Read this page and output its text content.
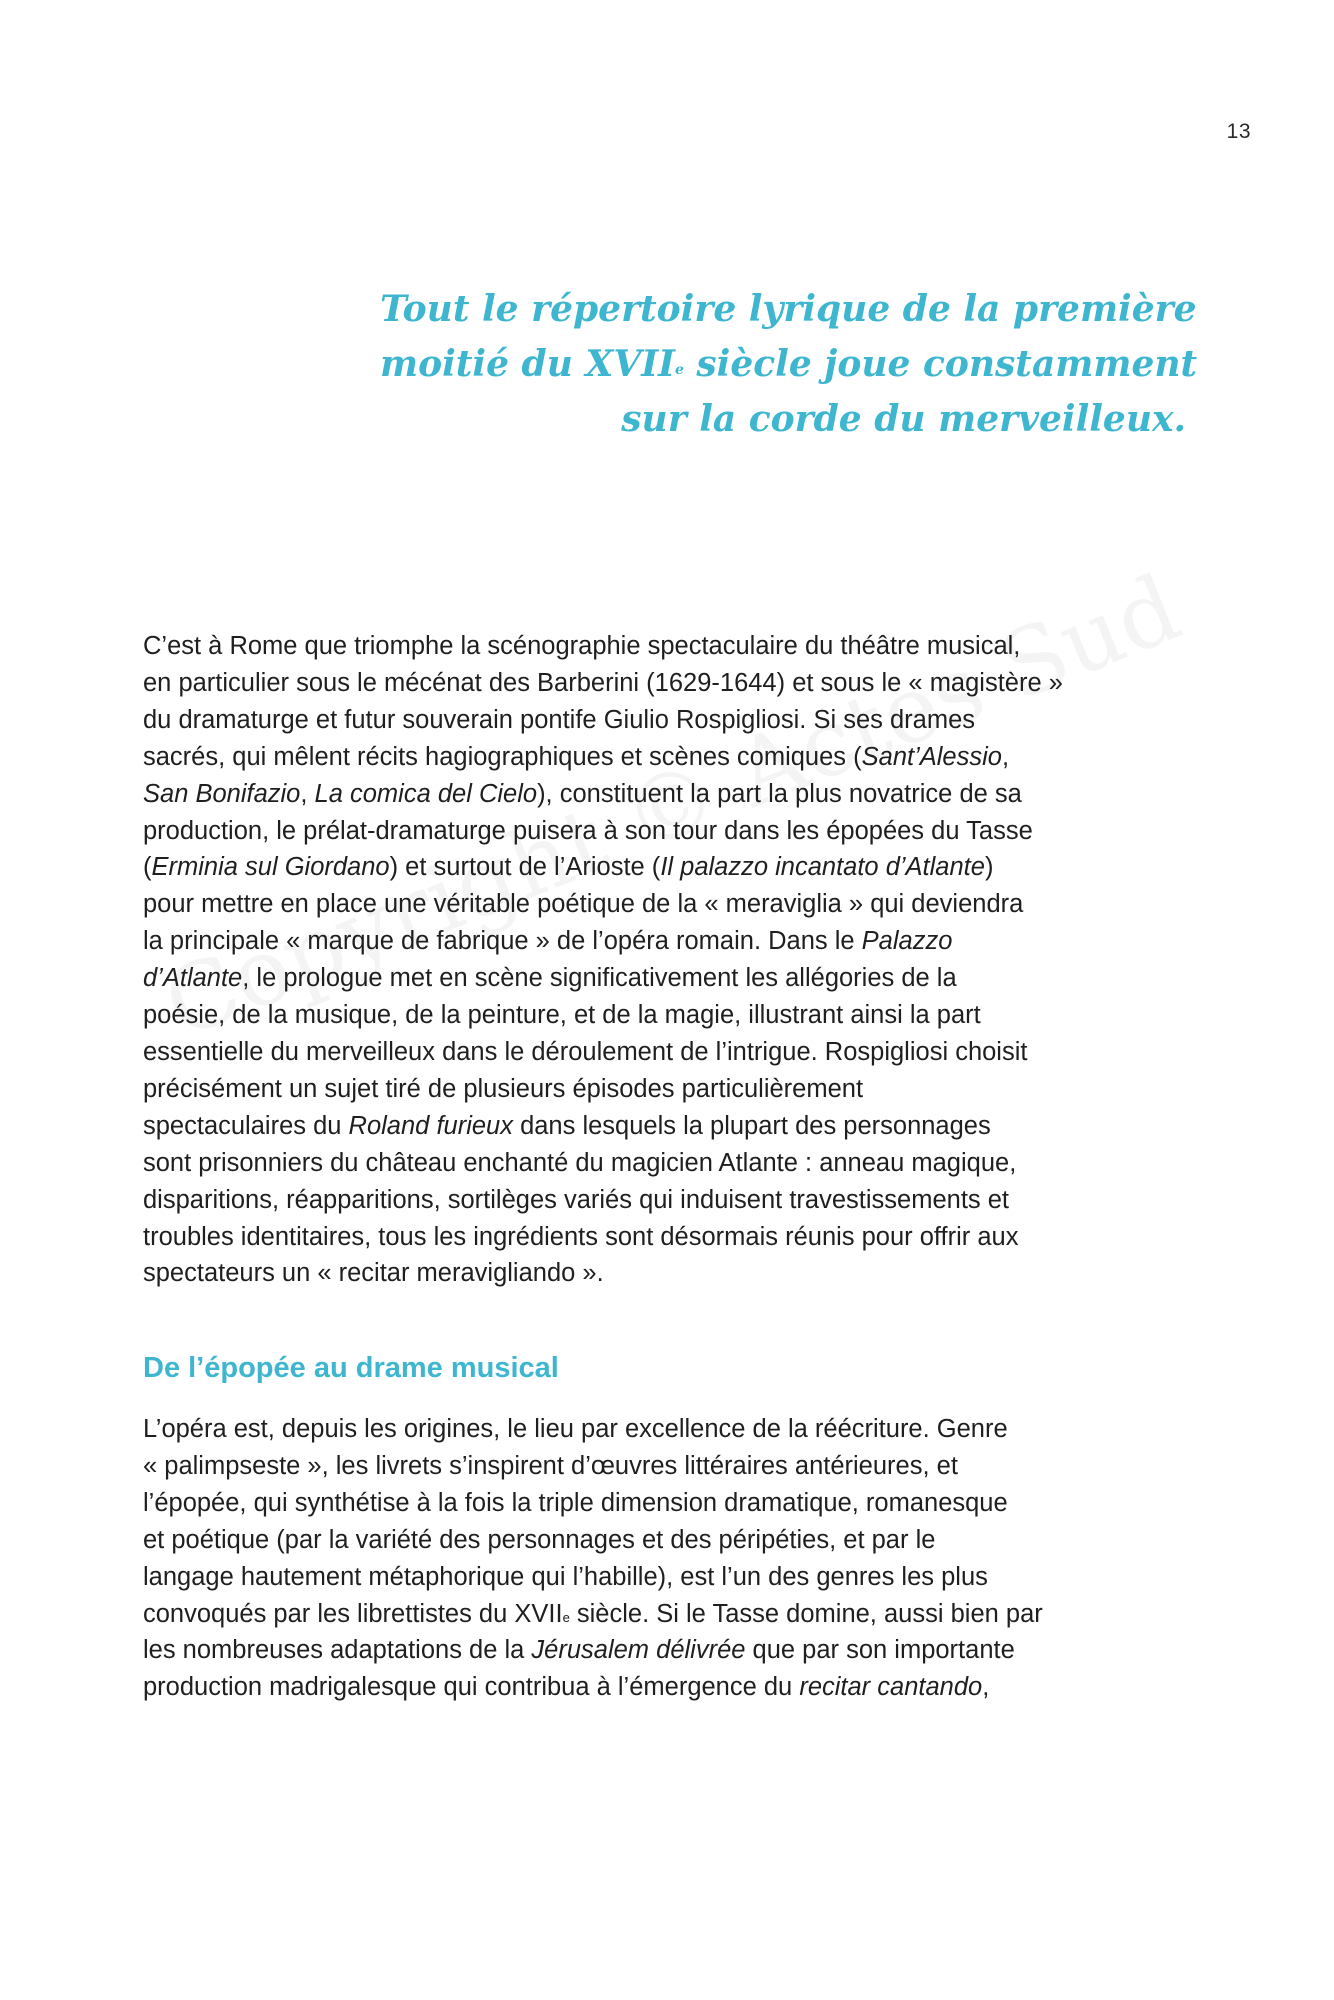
13
Tout le répertoire lyrique de la première
moitié du XVIIe siècle joue constamment
sur la corde du merveilleux.
C’est à Rome que triomphe la scénographie spectaculaire du théâtre musical,
en particulier sous le mécénat des Barberini (1629-1644) et sous le « magistère »
du dramaturge et futur souverain pontife Giulio Rospigliosi. Si ses drames
sacrés, qui mêlent récits hagiographiques et scènes comiques (Sant’Alessio,
San Bonifazio, La comica del Cielo), constituent la part la plus novatrice de sa
production, le prélat-dramaturge puisera à son tour dans les épopées du Tasse
(Erminia sul Giordano) et surtout de l’Arioste (Il palazzo incantato d’Atlante)
pour mettre en place une véritable poétique de la « meraviglia » qui deviendra
la principale « marque de fabrique » de l’opéra romain. Dans le Palazzo
d’Atlante, le prologue met en scène significativement les allégories de la
poésie, de la musique, de la peinture, et de la magie, illustrant ainsi la part
essentielle du merveilleux dans le déroulement de l’intrigue. Rospigliosi choisit
précisément un sujet tiré de plusieurs épisodes particulièrement
spectaculaires du Roland furieux dans lesquels la plupart des personnages
sont prisonniers du château enchanté du magicien Atlante : anneau magique,
disparitions, réapparitions, sortilèges variés qui induisent travestissements et
troubles identitaires, tous les ingrédients sont désormais réunis pour offrir aux
spectateurs un « recitar meravigliando ».
De l’épopée au drame musical
L’opéra est, depuis les origines, le lieu par excellence de la réécriture. Genre
« palimpseste », les livrets s’inspirent d’œuvres littéraires antérieures, et
l’épopée, qui synthétise à la fois la triple dimension dramatique, romanesque
et poétique (par la variété des personnages et des péripéties, et par le
langage hautement métaphorique qui l’habille), est l’un des genres les plus
convoqués par les librettistes du XVIIe siècle. Si le Tasse domine, aussi bien par
les nombreuses adaptations de la Jérusalem délivrée que par son importante
production madrigalesque qui contribua à l’émergence du recitar cantando,
